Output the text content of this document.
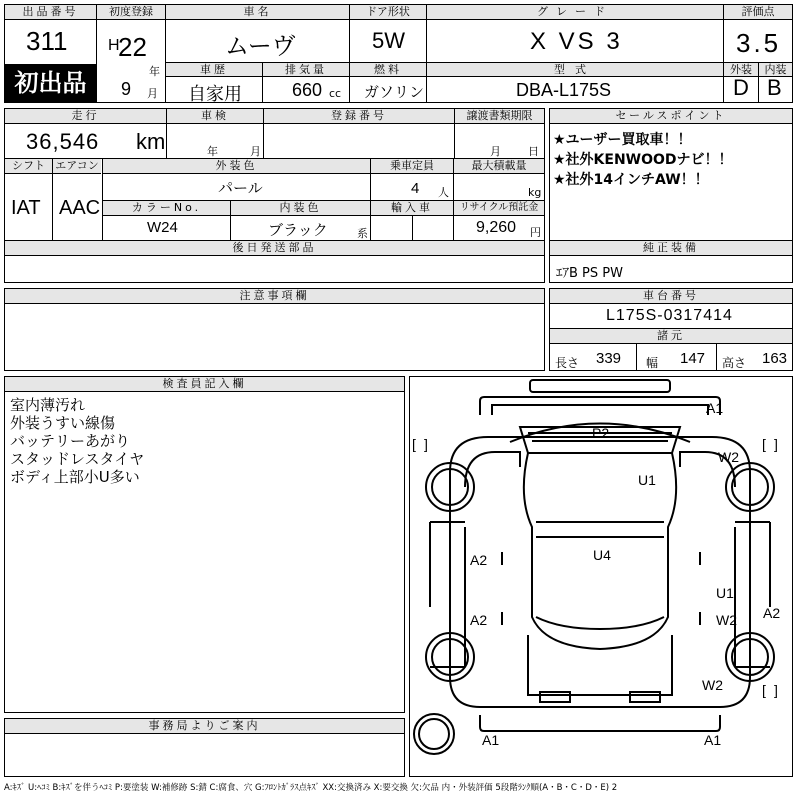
出品番号
311
初出品
初度登録
H
22
年
9 月
車名
ムーヴ
ドア形状
5W
グレード
X VS 3
評価点
3.5
車歴	排気量	燃料	型式	外装	内装
自家用	660 cc ガソリン	DBA-L175S	D B
走行
36,546 km
車検
年	月
登録番号	譲渡書類期限
月 日
シフト
IAT
エアコン
AAC
外装色
パール
乗車定員
4 人
最大積載量
kg
カラーNo.
W24
内装色
ブラック	系
輸入車	リサイクル預託金
9,260 円
後日発送部品
セールスポイント
★ユーザー買取車！！
★社外KENWOODナビ！！
★社外14インチAW！！
純正装備
ｴｱB PS PW
注意事項欄	車台番号
L175S-0317414
諸元
長さ 339 幅 147 高さ 163
検査員記入欄
室内薄汚れ
外装うすい線傷
バッテリーあがり
スタッドレスタイヤ
ボディ上部小U多い
事務局よりご案内
[ ]	[ ]
[ ]
A1
P2
W2
U1
A2	U4
A2
U1
W2 A2
W2
A1	A1
A:ｷｽﾞ U:ﾍｺﾐ B:ｷｽﾞを伴うﾍｺﾐ P:要塗装 W:補修跡 S:錆 C:腐食、穴 G:ﾌﾛﾝﾄｶﾞﾗｽ点ｷｽﾞ XX:交換済み X:要交換 欠:欠品 内・外装評価 5段階ﾗﾝｸ順(A・B・C・D・E) 2
